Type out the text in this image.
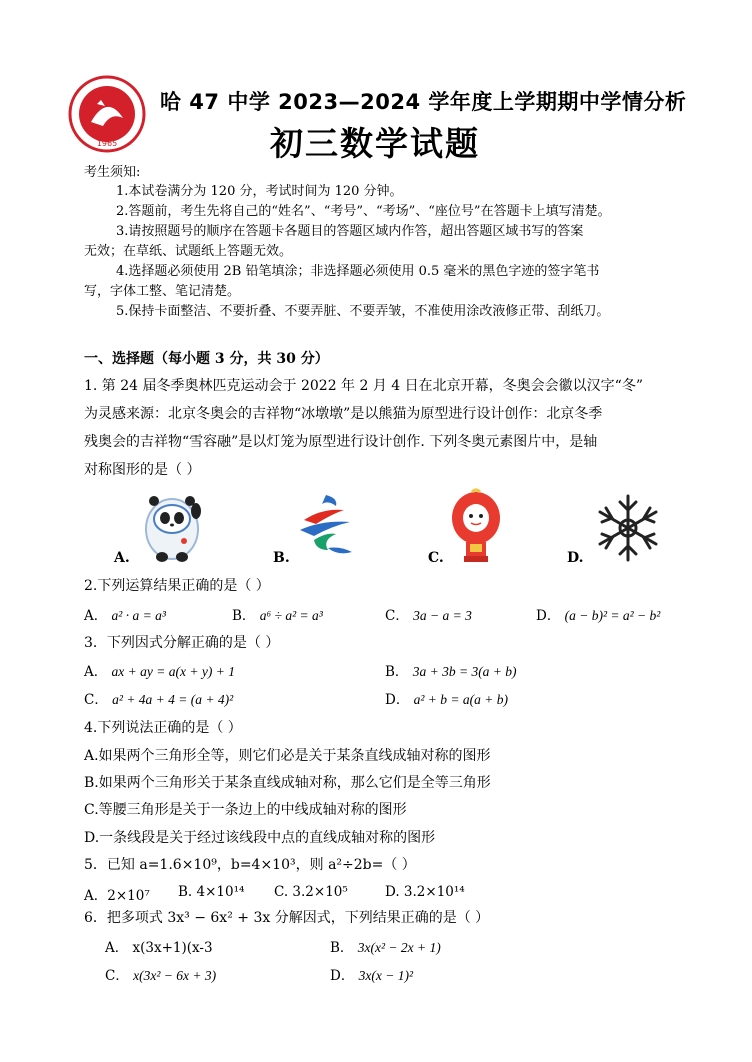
1965
哈 47 中学 2023—2024 学年度上学期期中学情分析
初三数学试题
考生须知:
1.本试卷满分为 120 分，考试时间为 120 分钟。
2.答题前，考生先将自己的“姓名”、“考号”、“考场”、“座位号”在答题卡上填写清楚。
3.请按照题号的顺序在答题卡各题目的答题区域内作答，超出答题区域书写的答案
无效；在草纸、试题纸上答题无效。
4.选择题必须使用 2B 铅笔填涂；非选择题必须使用 0.5 毫米的黑色字迹的签字笔书
写，字体工整、笔记清楚。
5.保持卡面整洁、不要折叠、不要弄脏、不要弄皱，不准使用涂改液修正带、刮纸刀。
一、选择题（每小题 3 分，共 30 分）
1. 第 24 届冬季奥林匹克运动会于 2022 年 2 月 4 日在北京开幕，冬奥会会徽以汉字“冬”
为灵感来源：北京冬奥会的吉祥物“冰墩墩”是以熊猫为原型进行设计创作：北京冬季
残奥会的吉祥物“雪容融”是以灯笼为原型进行设计创作. 下列冬奥元素图片中，是轴
对称图形的是（ ）
A.	B.	C.	D.
2.下列运算结果正确的是（ ）
A． a² · a = a³	B． a⁶ ÷ a² = a³	C． 3a − a = 3	D． (a − b)² = a² − b²
3．下列因式分解正确的是（ ）
A． ax + ay = a(x + y) + 1	B． 3a + 3b = 3(a + b)
C． a² + 4a + 4 = (a + 4)²	D． a² + b = a(a + b)
4.下列说法正确的是（ ）
A.如果两个三角形全等，则它们必是关于某条直线成轴对称的图形
B.如果两个三角形关于某条直线成轴对称，那么它们是全等三角形
C.等腰三角形是关于一条边上的中线成轴对称的图形
D.一条线段是关于经过该线段中点的直线成轴对称的图形
5．已知 a=1.6×10⁹，b=4×10³，则 a²÷2b=（ ）
A．2×10⁷ B. 4×10¹⁴ C. 3.2×10⁵	D. 3.2×10¹⁴
6．把多项式 3x³ − 6x² + 3x 分解因式，下列结果正确的是（ ）
A． x(3x+1)(x-3	B． 3x(x² − 2x + 1)
C． x(3x² − 6x + 3)	D． 3x(x − 1)²
